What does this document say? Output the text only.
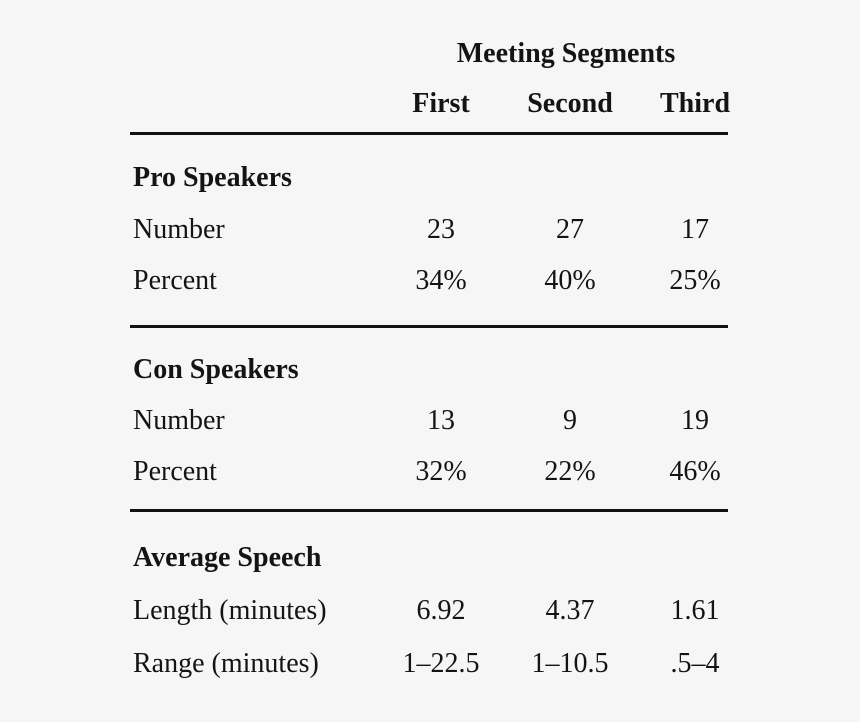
Meeting Segments
First	Second	Third
Pro Speakers
Number	23	27	17
Percent	34%	40%	25%
Con Speakers
Number	13	9	19
Percent	32%	22%	46%
Average Speech
Length (minutes)	6.92	4.37	1.61
Range (minutes)	1–22.5	1–10.5	.5–4
